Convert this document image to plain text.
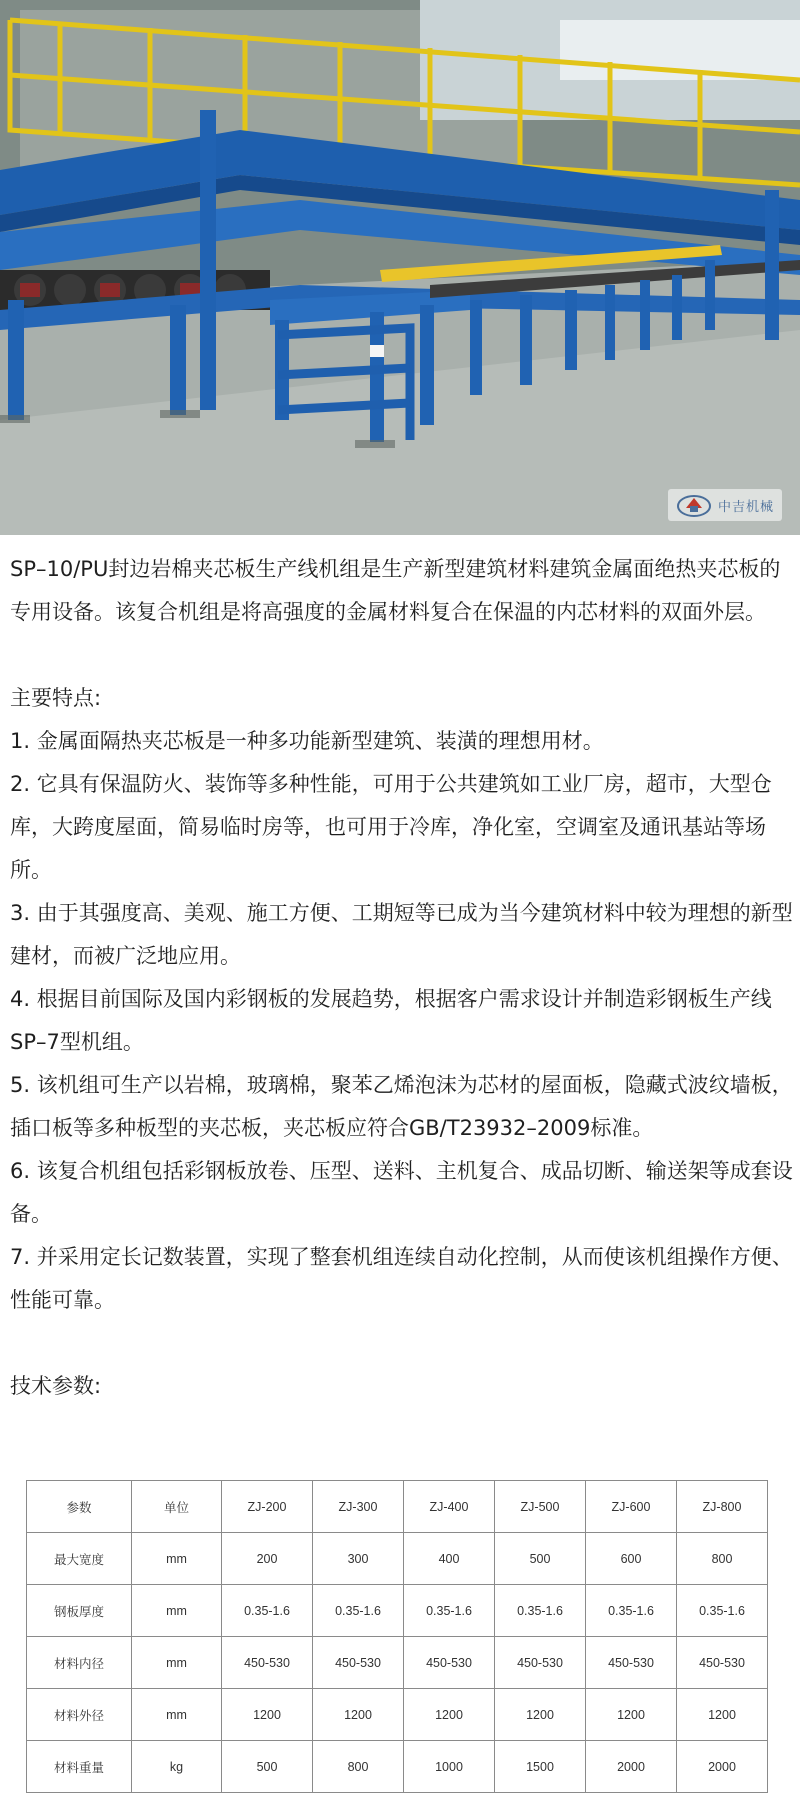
中吉机械

SP–10/PU封边岩棉夹芯板生产线机组是生产新型建筑材料建筑金属面绝热夹芯板的专用设备。该复合机组是将高强度的金属材料复合在保温的内芯材料的双面外层。

主要特点:

1. 金属面隔热夹芯板是一种多功能新型建筑、装潢的理想用材。

2. 它具有保温防火、装饰等多种性能，可用于公共建筑如工业厂房，超市，大型仓库，大跨度屋面，简易临时房等，也可用于冷库，净化室，空调室及通讯基站等场所。

3. 由于其强度高、美观、施工方便、工期短等已成为当今建筑材料中较为理想的新型建材，而被广泛地应用。

4. 根据目前国际及国内彩钢板的发展趋势，根据客户需求设计并制造彩钢板生产线SP–7型机组。

5. 该机组可生产以岩棉，玻璃棉，聚苯乙烯泡沫为芯材的屋面板，隐藏式波纹墙板，插口板等多种板型的夹芯板，夹芯板应符合GB/T23932–2009标准。

6. 该复合机组包括彩钢板放卷、压型、送料、主机复合、成品切断、输送架等成套设备。

7. 并采用定长记数装置，实现了整套机组连续自动化控制，从而使该机组操作方便、性能可靠。

技术参数:

参数	单位	ZJ-200	ZJ-300	ZJ-400	ZJ-500	ZJ-600	ZJ-800
最大宽度	mm	200	300	400	500	600	800
钢板厚度	mm	0.35-1.6	0.35-1.6	0.35-1.6	0.35-1.6	0.35-1.6	0.35-1.6
材料内径	mm	450-530	450-530	450-530	450-530	450-530	450-530
材料外径	mm	1200	1200	1200	1200	1200	1200
材料重量	kg	500	800	1000	1500	2000	2000
